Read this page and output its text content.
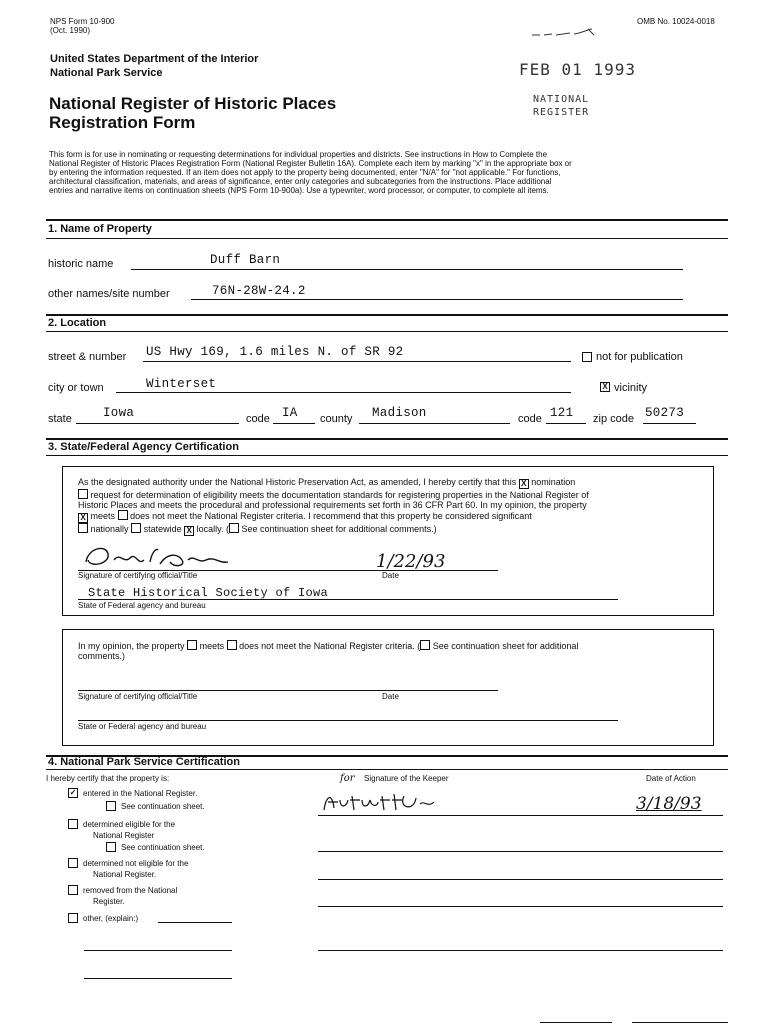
NPS Form 10-900
(Oct. 1990)
OMB No. 10024-0018
United States Department of the Interior
National Park Service	FEB 01 1993
National Register of Historic Places
Registration Form
NATIONAL
REGISTER
This form is for use in nominating or requesting determinations for individual properties and districts. See instructions in How to Complete the
National Register of Historic Places Registration Form (National Register Bulletin 16A). Complete each item by marking "x" in the appropriate box or
by entering the information requested. If an item does not apply to the property being documented, enter "N/A" for "not applicable." For functions,
architectural classification, materials, and areas of significance, enter only categories and subcategories from the instructions. Place additional
entries and narrative items on continuation sheets (NPS Form 10-900a). Use a typewriter, word processor, or computer, to complete all items.
1. Name of Property
historic name	Duff Barn
other names/site number	76N-28W-24.2
2. Location
street & number US Hwy 169, 1.6 miles N. of SR 92	not for publication
city or town	Winterset	X vicinity
state Iowa	code IA county Madison	code 121 zip code 50273
3. State/Federal Agency Certification
As the designated authority under the National Historic Preservation Act, as amended, I hereby certify that this X nomination
request for determination of eligibility meets the documentation standards for registering properties in the National Register of
Historic Places and meets the procedural and professional requirements set forth in 36 CFR Part 60. In my opinion, the property
X meets does not meet the National Register criteria. I recommend that this property be considered significant
nationally statewide X locally. ( See continuation sheet for additional comments.)
1/22/93
Signature of certifying official/Title	Date
State Historical Society of Iowa
State of Federal agency and bureau
In my opinion, the property meets does not meet the National Register criteria. ( See continuation sheet for additional
comments.)
Signature of certifying official/Title	Date
State or Federal agency and bureau
4. National Park Service Certification
I hereby certify that the property is:	for Signature of the Keeper	Date of Action
✓ entered in the National Register.
See continuation sheet.	3/18/93
determined eligible for the
National Register
See continuation sheet.
determined not eligible for the
National Register.
removed from the National
Register.
other, (explain:)
